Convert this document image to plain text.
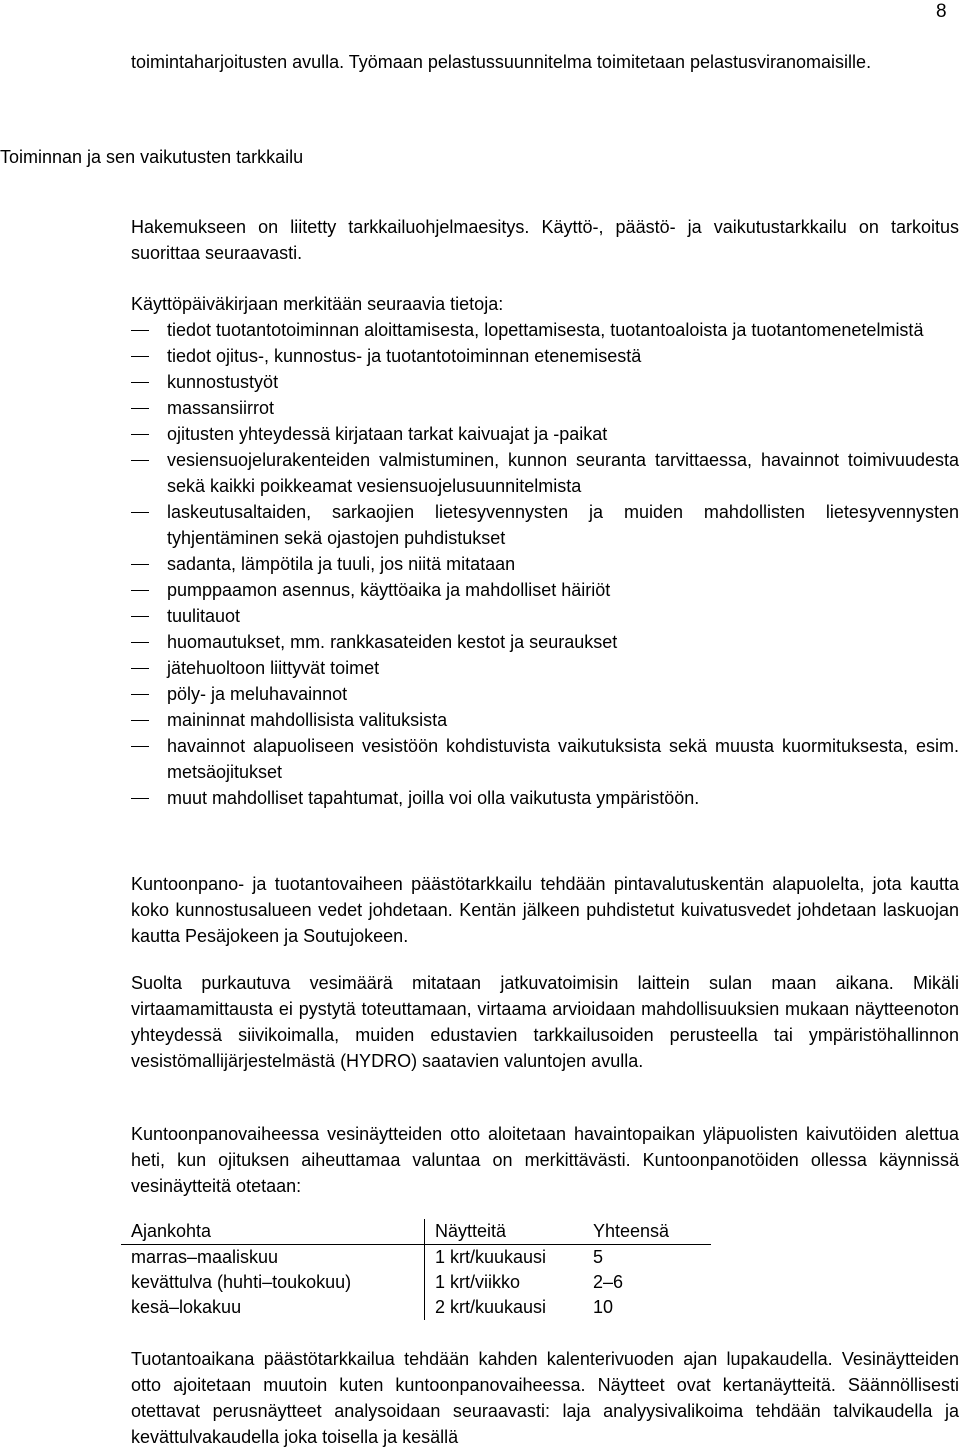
8

toimintaharjoitusten avulla. Työmaan pelastussuunnitelma toimitetaan pelastusviranomaisille.

Toiminnan ja sen vaikutusten tarkkailu

Hakemukseen on liitetty tarkkailuohjelmaesitys. Käyttö-, päästö- ja vaikutustarkkailu on tarkoitus suorittaa seuraavasti.

Käyttöpäiväkirjaan merkitään seuraavia tietoja:

tiedot tuotantotoiminnan aloittamisesta, lopettamisesta, tuotantoaloista ja tuotantomenetelmistä
tiedot ojitus-, kunnostus- ja tuotantotoiminnan etenemisestä
kunnostustyöt
massansiirrot
ojitusten yhteydessä kirjataan tarkat kaivuajat ja -paikat
vesiensuojelurakenteiden valmistuminen, kunnon seuranta tarvittaessa, havainnot toimivuudesta sekä kaikki poikkeamat vesiensuojelusuunnitelmista
laskeutusaltaiden, sarkaojien lietesyvennysten ja muiden mahdollisten lietesyvennysten tyhjentäminen sekä ojastojen puhdistukset
sadanta, lämpötila ja tuuli, jos niitä mitataan
pumppaamon asennus, käyttöaika ja mahdolliset häiriöt
tuulitauot
huomautukset, mm. rankkasateiden kestot ja seuraukset
jätehuoltoon liittyvät toimet
pöly- ja meluhavainnot
maininnat mahdollisista valituksista
havainnot alapuoliseen vesistöön kohdistuvista vaikutuksista sekä muusta kuormituksesta, esim. metsäojitukset
muut mahdolliset tapahtumat, joilla voi olla vaikutusta ympäristöön.

Kuntoonpano- ja tuotantovaiheen päästötarkkailu tehdään pintavalutuskentän alapuolelta, jota kautta koko kunnostusalueen vedet johdetaan. Kentän jälkeen puhdistetut kuivatusvedet johdetaan laskuojan kautta Pesäjokeen ja Soutujokeen.

Suolta purkautuva vesimäärä mitataan jatkuvatoimisin laittein sulan maan aikana. Mikäli virtaamamittausta ei pystytä toteuttamaan, virtaama arvioidaan mahdollisuuksien mukaan näytteenoton yhteydessä siivikoimalla, muiden edustavien tarkkailusoiden perusteella tai ympäristöhallinnon vesistömallijärjestelmästä (HYDRO) saatavien valuntojen avulla.

Kuntoonpanovaiheessa vesinäytteiden otto aloitetaan havaintopaikan yläpuolisten kaivutöiden alettua heti, kun ojituksen aiheuttamaa valuntaa on merkittävästi. Kuntoonpanotöiden ollessa käynnissä vesinäytteitä otetaan:

Ajankohta	Näytteitä	Yhteensä
marras–maaliskuu	1 krt/kuukausi	5
kevättulva (huhti–toukokuu)	1 krt/viikko	2–6
kesä–lokakuu	2 krt/kuukausi	10

Tuotantoaikana päästötarkkailua tehdään kahden kalenterivuoden ajan lupakaudella. Vesinäytteiden otto ajoitetaan muutoin kuten kuntoonpanovaiheessa. Näytteet ovat kertanäytteitä. Säännöllisesti otettavat perusnäytteet analysoidaan seuraavasti: laja analyysivalikoima tehdään talvikaudella ja kevättulvakaudella joka toisella ja kesällä
